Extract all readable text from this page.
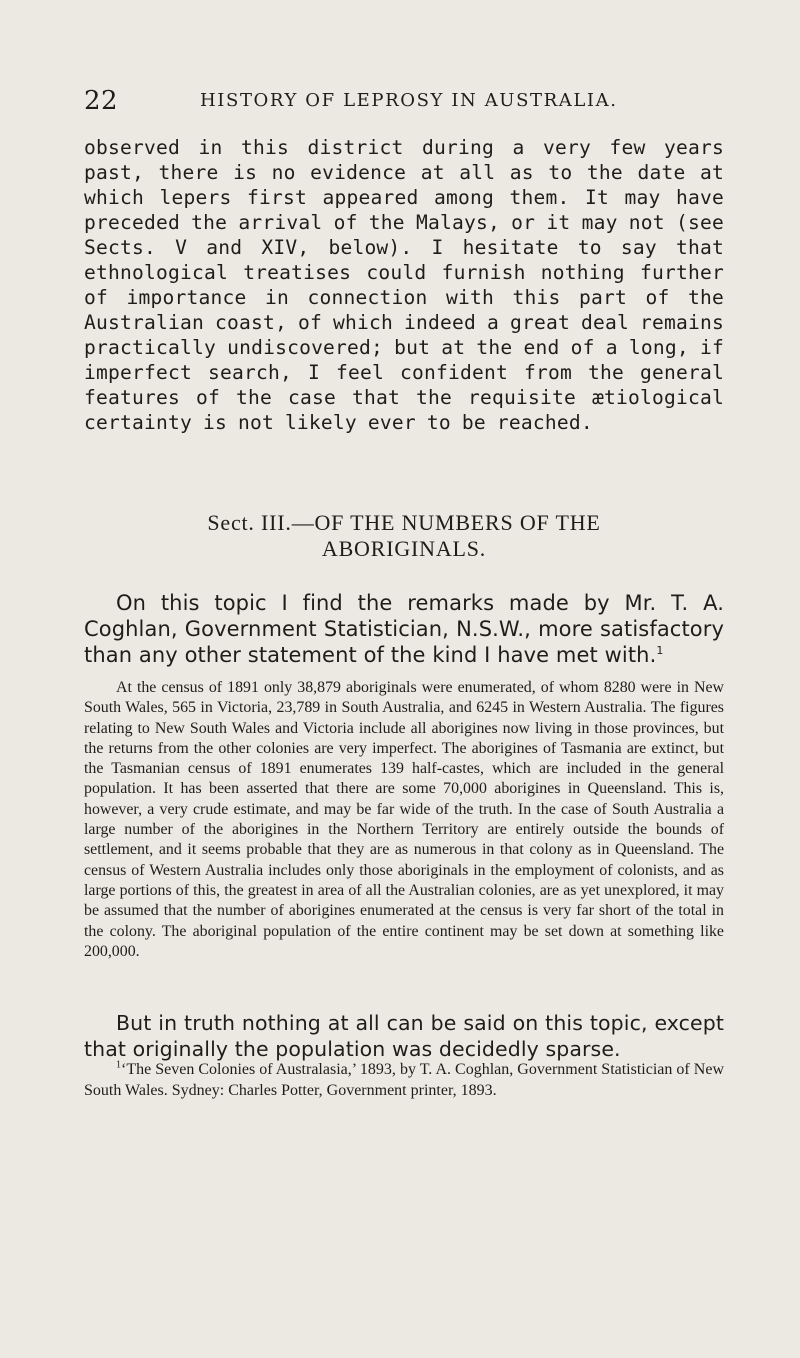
22	HISTORY OF LEPROSY IN AUSTRALIA.

observed in this district during a very few years past, there is no evidence at all as to the date at which lepers first appeared among them. It may have preceded the arrival of the Malays, or it may not (see Sects. V and XIV, below). I hesitate to say that ethnological treatises could furnish nothing further of importance in connection with this part of the Australian coast, of which indeed a great deal remains practically undiscovered; but at the end of a long, if imperfect search, I feel confident from the general features of the case that the requisite ætiological certainty is not likely ever to be reached.

Sect. III.—OF THE NUMBERS OF THE
ABORIGINALS.

On this topic I find the remarks made by Mr. T. A. Coghlan, Government Statistician, N.S.W., more satisfactory than any other statement of the kind I have met with.$^1$

At the census of 1891 only 38,879 aboriginals were enumerated, of whom 8280 were in New South Wales, 565 in Victoria, 23,789 in South Australia, and 6245 in Western Australia. The figures relating to New South Wales and Victoria include all aborigines now living in those provinces, but the returns from the other colonies are very imperfect. The aborigines of Tasmania are extinct, but the Tasmanian census of 1891 enumerates 139 half-castes, which are included in the general population. It has been asserted that there are some 70,000 aborigines in Queensland. This is, however, a very crude estimate, and may be far wide of the truth. In the case of South Australia a large number of the aborigines in the Northern Territory are entirely outside the bounds of settlement, and it seems probable that they are as numerous in that colony as in Queensland. The census of Western Australia includes only those aboriginals in the employment of colonists, and as large portions of this, the greatest in area of all the Australian colonies, are as yet unexplored, it may be assumed that the number of aborigines enumerated at the census is very far short of the total in the colony. The aboriginal population of the entire continent may be set down at something like 200,000.

But in truth nothing at all can be said on this topic, except that originally the population was decidedly sparse.

$^1$‘The Seven Colonies of Australasia,’ 1893, by T. A. Coghlan, Government Statistician of New South Wales. Sydney: Charles Potter, Government printer, 1893.
